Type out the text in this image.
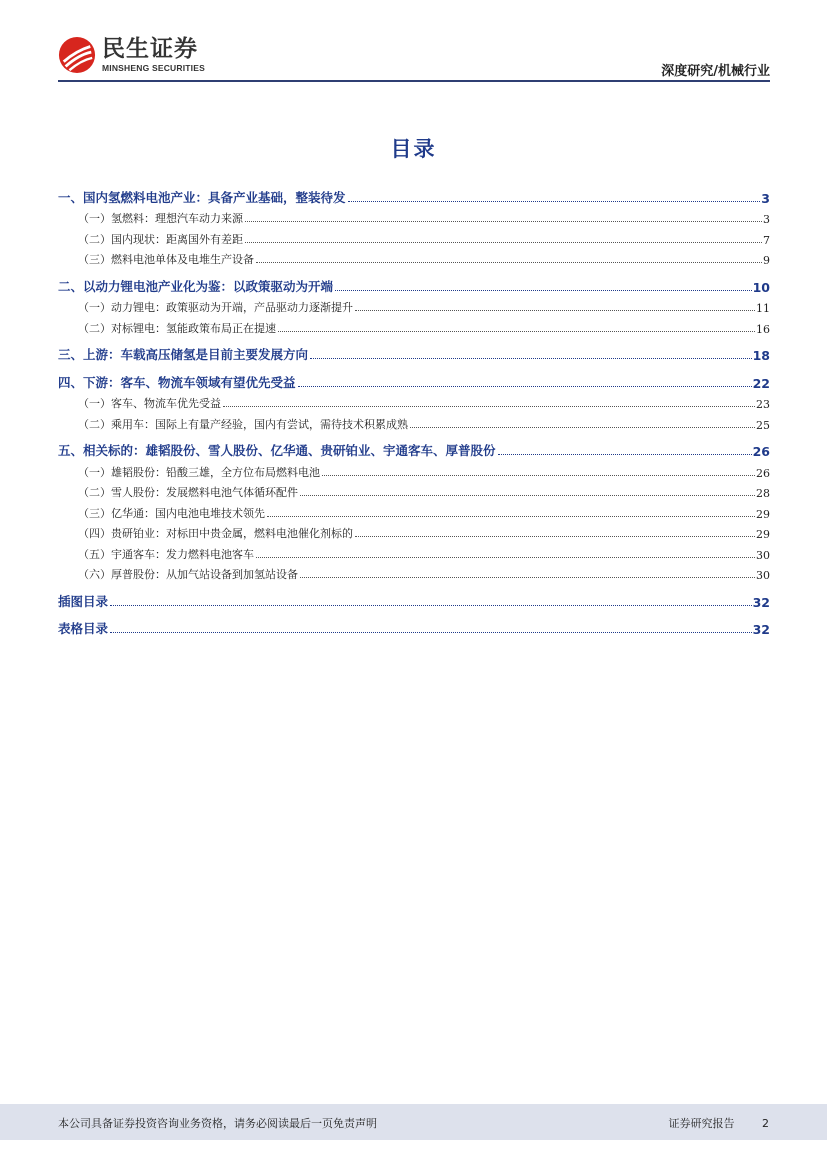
民生证券
MINSHENG SECURITIES	深度研究/机械行业
目录
一、国内氢燃料电池产业：具备产业基础，整装待发	3
（一）氢燃料：理想汽车动力来源	3
（二）国内现状：距离国外有差距	7
（三）燃料电池单体及电堆生产设备	9
二、以动力锂电池产业化为鉴：以政策驱动为开端	10
（一）动力锂电：政策驱动为开端，产品驱动力逐渐提升	11
（二）对标锂电：氢能政策布局正在提速	16
三、上游：车载高压储氢是目前主要发展方向	18
四、下游：客车、物流车领域有望优先受益	22
（一）客车、物流车优先受益	23
（二）乘用车：国际上有量产经验，国内有尝试，需待技术积累成熟	25
五、相关标的：雄韬股份、雪人股份、亿华通、贵研铂业、宇通客车、厚普股份	26
（一）雄韬股份：铅酸三雄，全方位布局燃料电池	26
（二）雪人股份：发展燃料电池气体循环配件	28
（三）亿华通：国内电池电堆技术领先	29
（四）贵研铂业：对标田中贵金属，燃料电池催化剂标的	29
（五）宇通客车：发力燃料电池客车	30
（六）厚普股份：从加气站设备到加氢站设备	30
插图目录	32
表格目录	32
本公司具备证券投资咨询业务资格，请务必阅读最后一页免责声明	证券研究报告	2
